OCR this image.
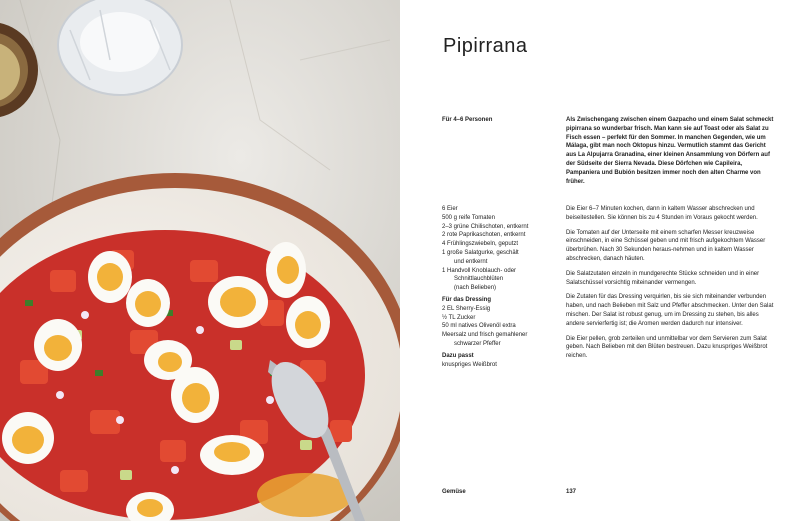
Pipirrana
Für 4–6 Personen	Als Zwischengang zwischen einem Gazpacho und einem Salat schmeckt pipirrana so wunderbar frisch. Man kann sie auf Toast oder als Salat zu Fisch essen – perfekt für den Sommer. In manchen Gegenden, wie um Málaga, gibt man noch Oktopus hinzu. Vermutlich stammt das Gericht aus La Alpujarra Granadina, einer kleinen Ansammlung von Dörfern auf der Südseite der Sierra Nevada. Diese Dörfchen wie Capileira, Pampaniera und Bubión besitzen immer noch den alten Charme von früher.
6 Eier
500 g reife Tomaten
2–3 grüne Chilischoten, entkernt
2 rote Paprikaschoten, entkernt
4 Frühlingszwiebeln, geputzt
1 große Salatgurke, geschält
und entkernt
1 Handvoll Knoblauch- oder
Schnittlauchblüten
(nach Belieben)
Für das Dressing
2 EL Sherry-Essig
½ TL Zucker
50 ml natives Olivenöl extra
Meersalz und frisch gemahlener
schwarzer Pfeffer
Dazu passt
knuspriges Weißbrot

Die Eier 6–7 Minuten kochen, dann in kaltem Wasser abschrecken und beiseitestellen. Sie können bis zu 4 Stunden im Voraus gekocht werden.

Die Tomaten auf der Unterseite mit einem scharfen Messer kreuzweise einschneiden, in eine Schüssel geben und mit frisch aufgekochtem Wasser überbrühen. Nach 30 Sekunden heraus-nehmen und in kaltem Wasser abschrecken, danach häuten.

Die Salatzutaten einzeln in mundgerechte Stücke schneiden und in einer Salatschüssel vorsichtig miteinander vermengen.

Die Zutaten für das Dressing verquirlen, bis sie sich miteinander verbunden haben, und nach Belieben mit Salz und Pfeffer abschmecken. Unter den Salat mischen. Der Salat ist robust genug, um im Dressing zu stehen, bis alles andere servierfertig ist; die Aromen werden dadurch nur intensiver.

Die Eier pellen, grob zerteilen und unmittelbar vor dem Servieren zum Salat geben. Nach Belieben mit den Blüten bestreuen. Dazu knuspriges Weißbrot reichen.

Gemüse	137
